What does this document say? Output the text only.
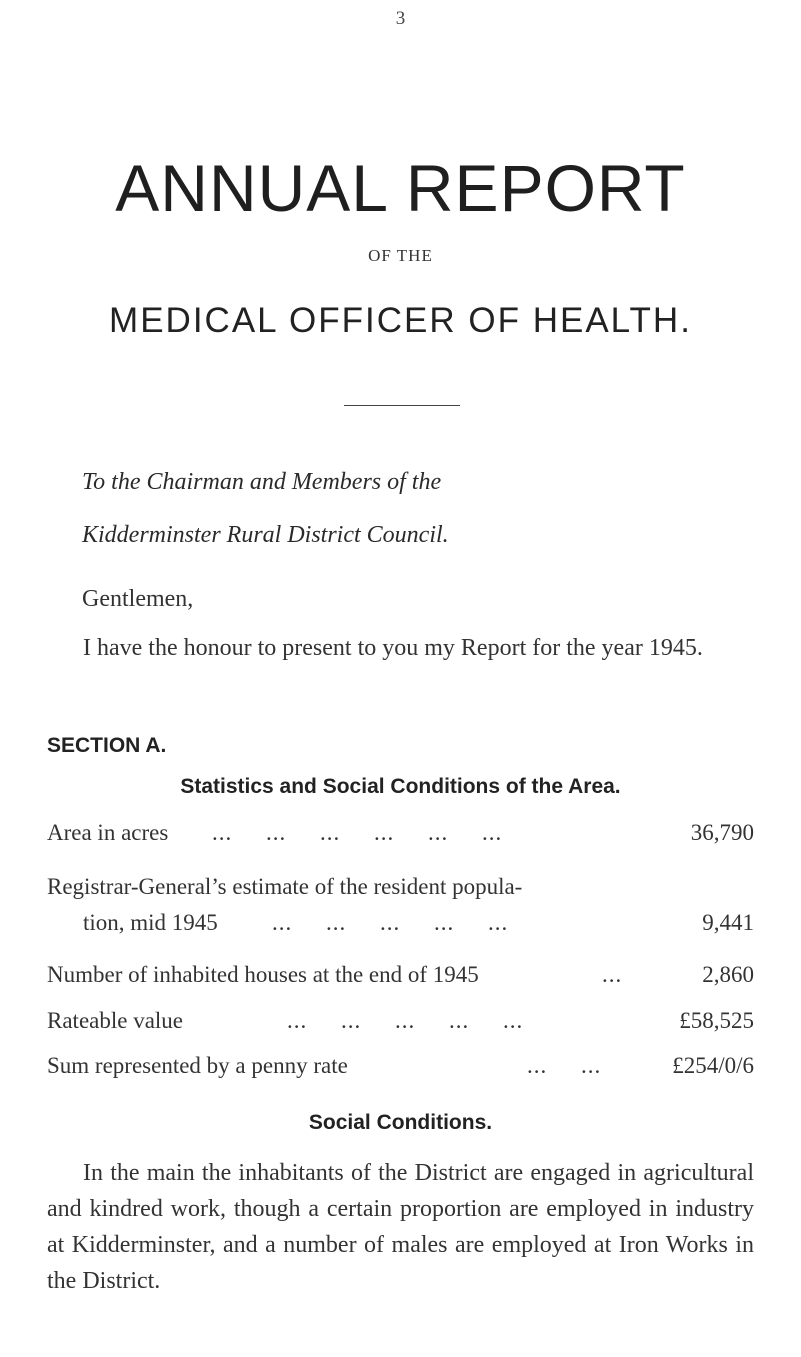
3
ANNUAL REPORT
OF THE
MEDICAL OFFICER OF HEALTH.
To the Chairman and Members of the
Kidderminster Rural District Council.
Gentlemen,
I have the honour to present to you my Report for the year 1945.
SECTION A.
Statistics and Social Conditions of the Area.
Area in acres ...     ...     ...     ...     ...     ...	36,790
Registrar-General’s estimate of the resident popula-
tion, mid 1945 ...     ...     ...     ...     ...	9,441
Number of inhabited houses at the end of 1945	...	2,860
Rateable value	...     ...     ...     ...     ...	£58,525
Sum represented by a penny rate	...     ...	£254/0/6
Social Conditions.
In the main the inhabitants of the District are engaged in agricultural and kindred work, though a certain proportion are employed in industry at Kidderminster, and a number of males are employed at Iron Works in the District.
